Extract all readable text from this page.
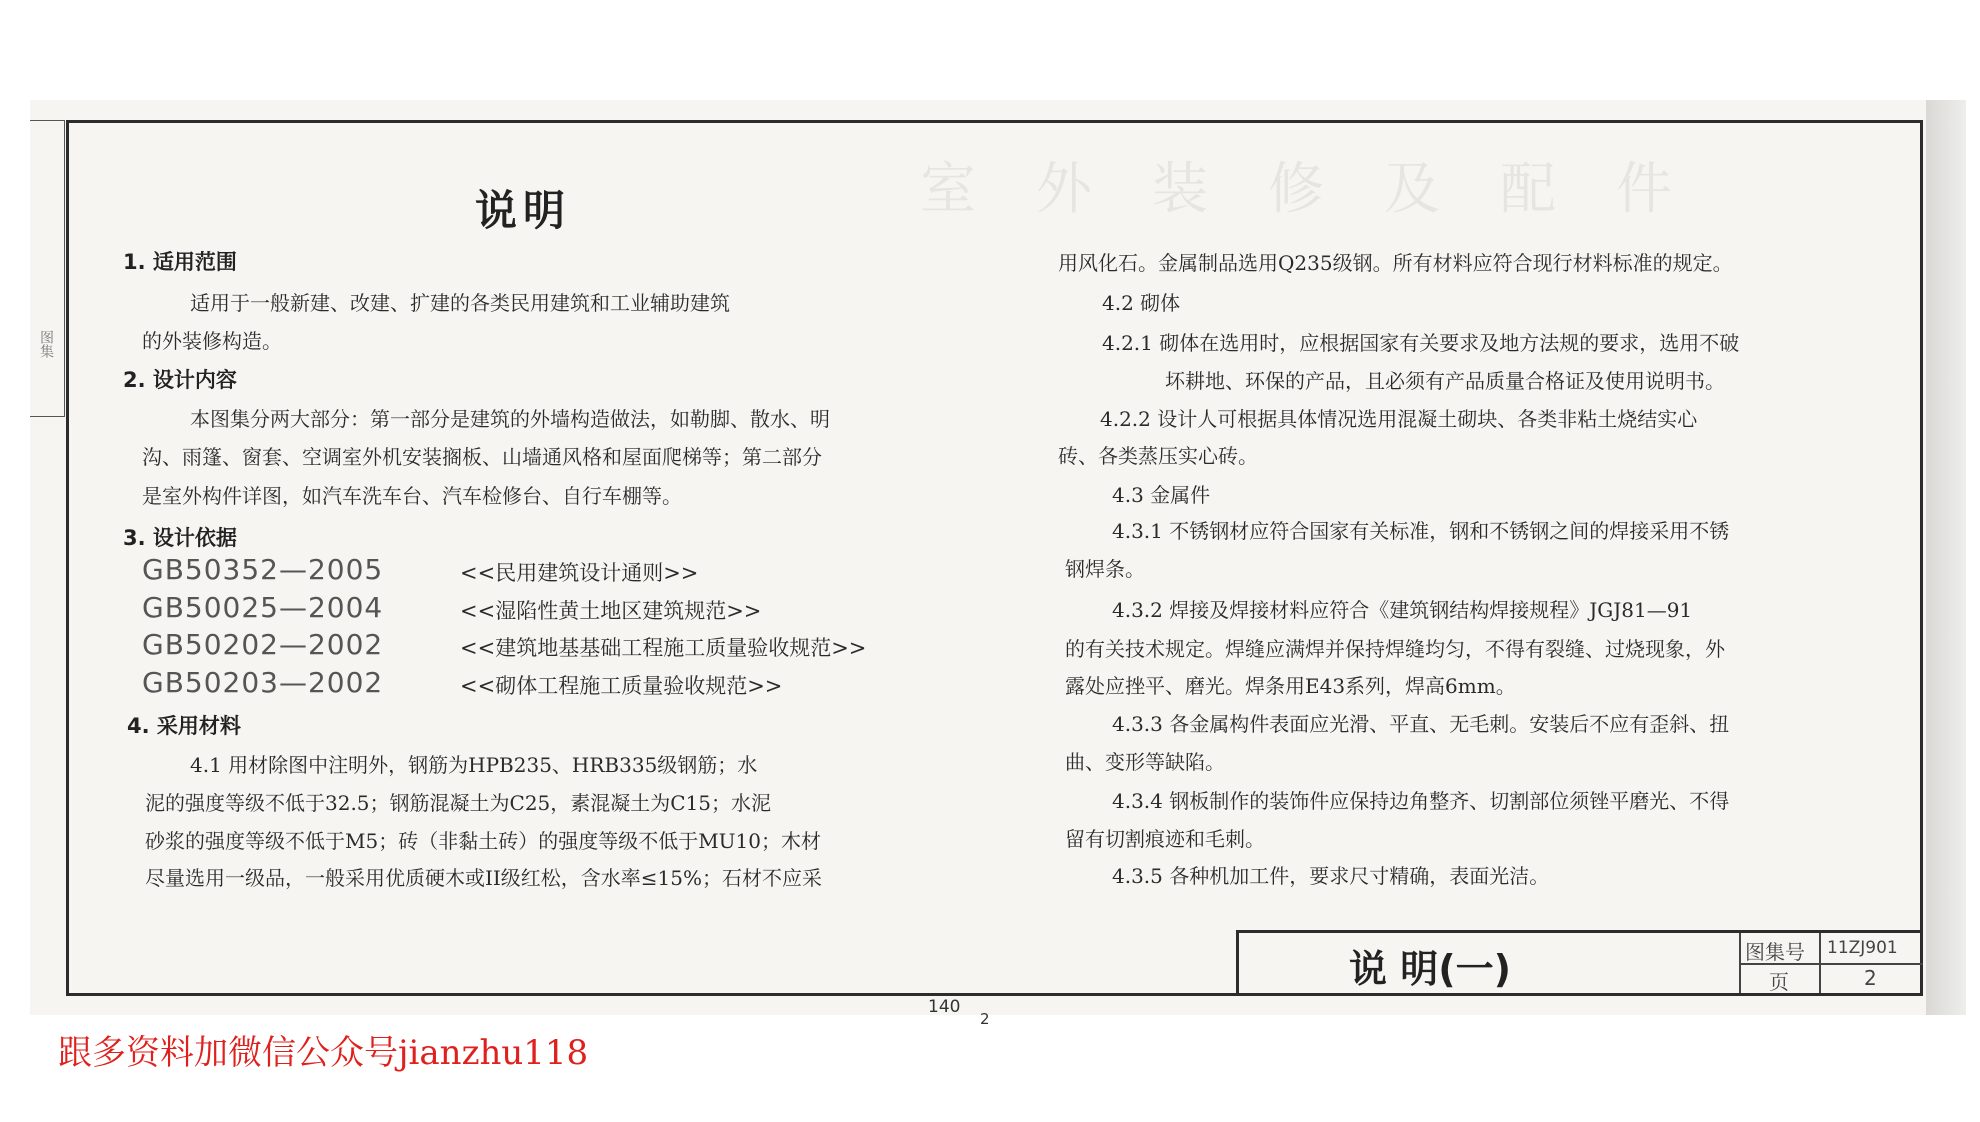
图集
室外装修及配件
说明
1. 适用范围
适用于一般新建、改建、扩建的各类民用建筑和工业辅助建筑
的外装修构造。
2. 设计内容
本图集分两大部分：第一部分是建筑的外墙构造做法，如勒脚、散水、明
沟、雨篷、窗套、空调室外机安装搁板、山墙通风格和屋面爬梯等；第二部分
是室外构件详图，如汽车洗车台、汽车检修台、自行车棚等。
3. 设计依据
GB50352—2005	<<民用建筑设计通则>>
GB50025—2004	<<湿陷性黄土地区建筑规范>>
GB50202—2002	<<建筑地基基础工程施工质量验收规范>>
GB50203—2002	<<砌体工程施工质量验收规范>>
4. 采用材料
4.1 用材除图中注明外，钢筋为HPB235、HRB335级钢筋；水
泥的强度等级不低于32.5；钢筋混凝土为C25，素混凝土为C15；水泥
砂浆的强度等级不低于M5；砖（非黏土砖）的强度等级不低于MU10；木材
尽量选用一级品，一般采用优质硬木或II级红松，含水率≤15%；石材不应采
用风化石。金属制品选用Q235级钢。所有材料应符合现行材料标准的规定。
4.2 砌体
4.2.1 砌体在选用时，应根据国家有关要求及地方法规的要求，选用不破
坏耕地、环保的产品，且必须有产品质量合格证及使用说明书。
4.2.2 设计人可根据具体情况选用混凝土砌块、各类非粘土烧结实心
砖、各类蒸压实心砖。
4.3 金属件
4.3.1 不锈钢材应符合国家有关标准，钢和不锈钢之间的焊接采用不锈
钢焊条。
4.3.2 焊接及焊接材料应符合《建筑钢结构焊接规程》JGJ81—91
的有关技术规定。焊缝应满焊并保持焊缝均匀，不得有裂缝、过烧现象，外
露处应挫平、磨光。焊条用E43系列，焊高6mm。
4.3.3 各金属构件表面应光滑、平直、无毛刺。安装后不应有歪斜、扭
曲、变形等缺陷。
4.3.4 钢板制作的装饰件应保持边角整齐、切割部位须锉平磨光、不得
留有切割痕迹和毛刺。
4.3.5 各种机加工件，要求尺寸精确，表面光洁。
说 明(一)	图集号 11ZJ901
页	2
140
2
跟多资料加微信公众号jianzhu118
